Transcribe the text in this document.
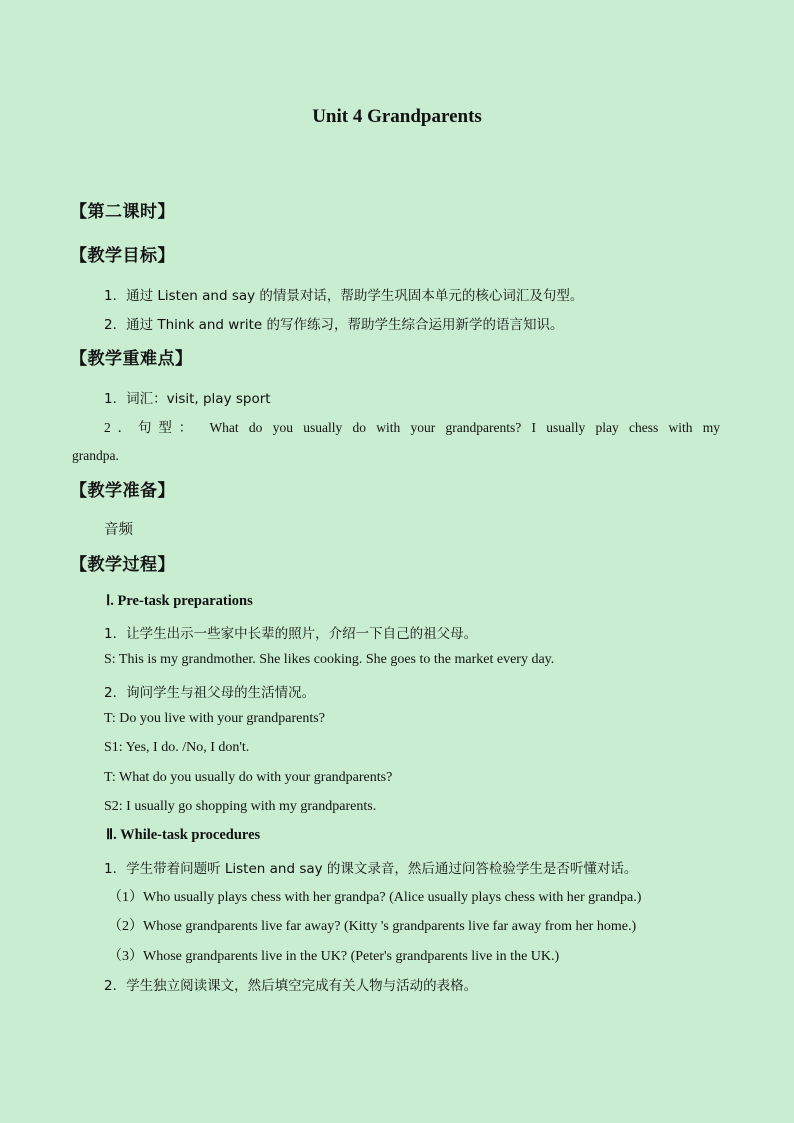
Unit 4 Grandparents
【第二课时】
【教学目标】
1．通过 Listen and say 的情景对话，帮助学生巩固本单元的核心词汇及句型。
2．通过 Think and write 的写作练习，帮助学生综合运用新学的语言知识。
【教学重难点】
1．词汇：visit, play sport
2．句型： What do you usually do with your grandparents? I usually play chess with my
grandpa.
【教学准备】
音频
【教学过程】
Ⅰ. Pre-task preparations
1．让学生出示一些家中长辈的照片，介绍一下自己的祖父母。
S: This is my grandmother. She likes cooking. She goes to the market every day.
2．询问学生与祖父母的生活情况。
T: Do you live with your grandparents?
S1: Yes, I do. /No, I don't.
T: What do you usually do with your grandparents?
S2: I usually go shopping with my grandparents.
Ⅱ. While-task procedures
1．学生带着问题听 Listen and say 的课文录音，然后通过问答检验学生是否听懂对话。
（1）Who usually plays chess with her grandpa? (Alice usually plays chess with her grandpa.)
（2）Whose grandparents live far away? (Kitty 's grandparents live far away from her home.)
（3）Whose grandparents live in the UK? (Peter's grandparents live in the UK.)
2．学生独立阅读课文，然后填空完成有关人物与活动的表格。
